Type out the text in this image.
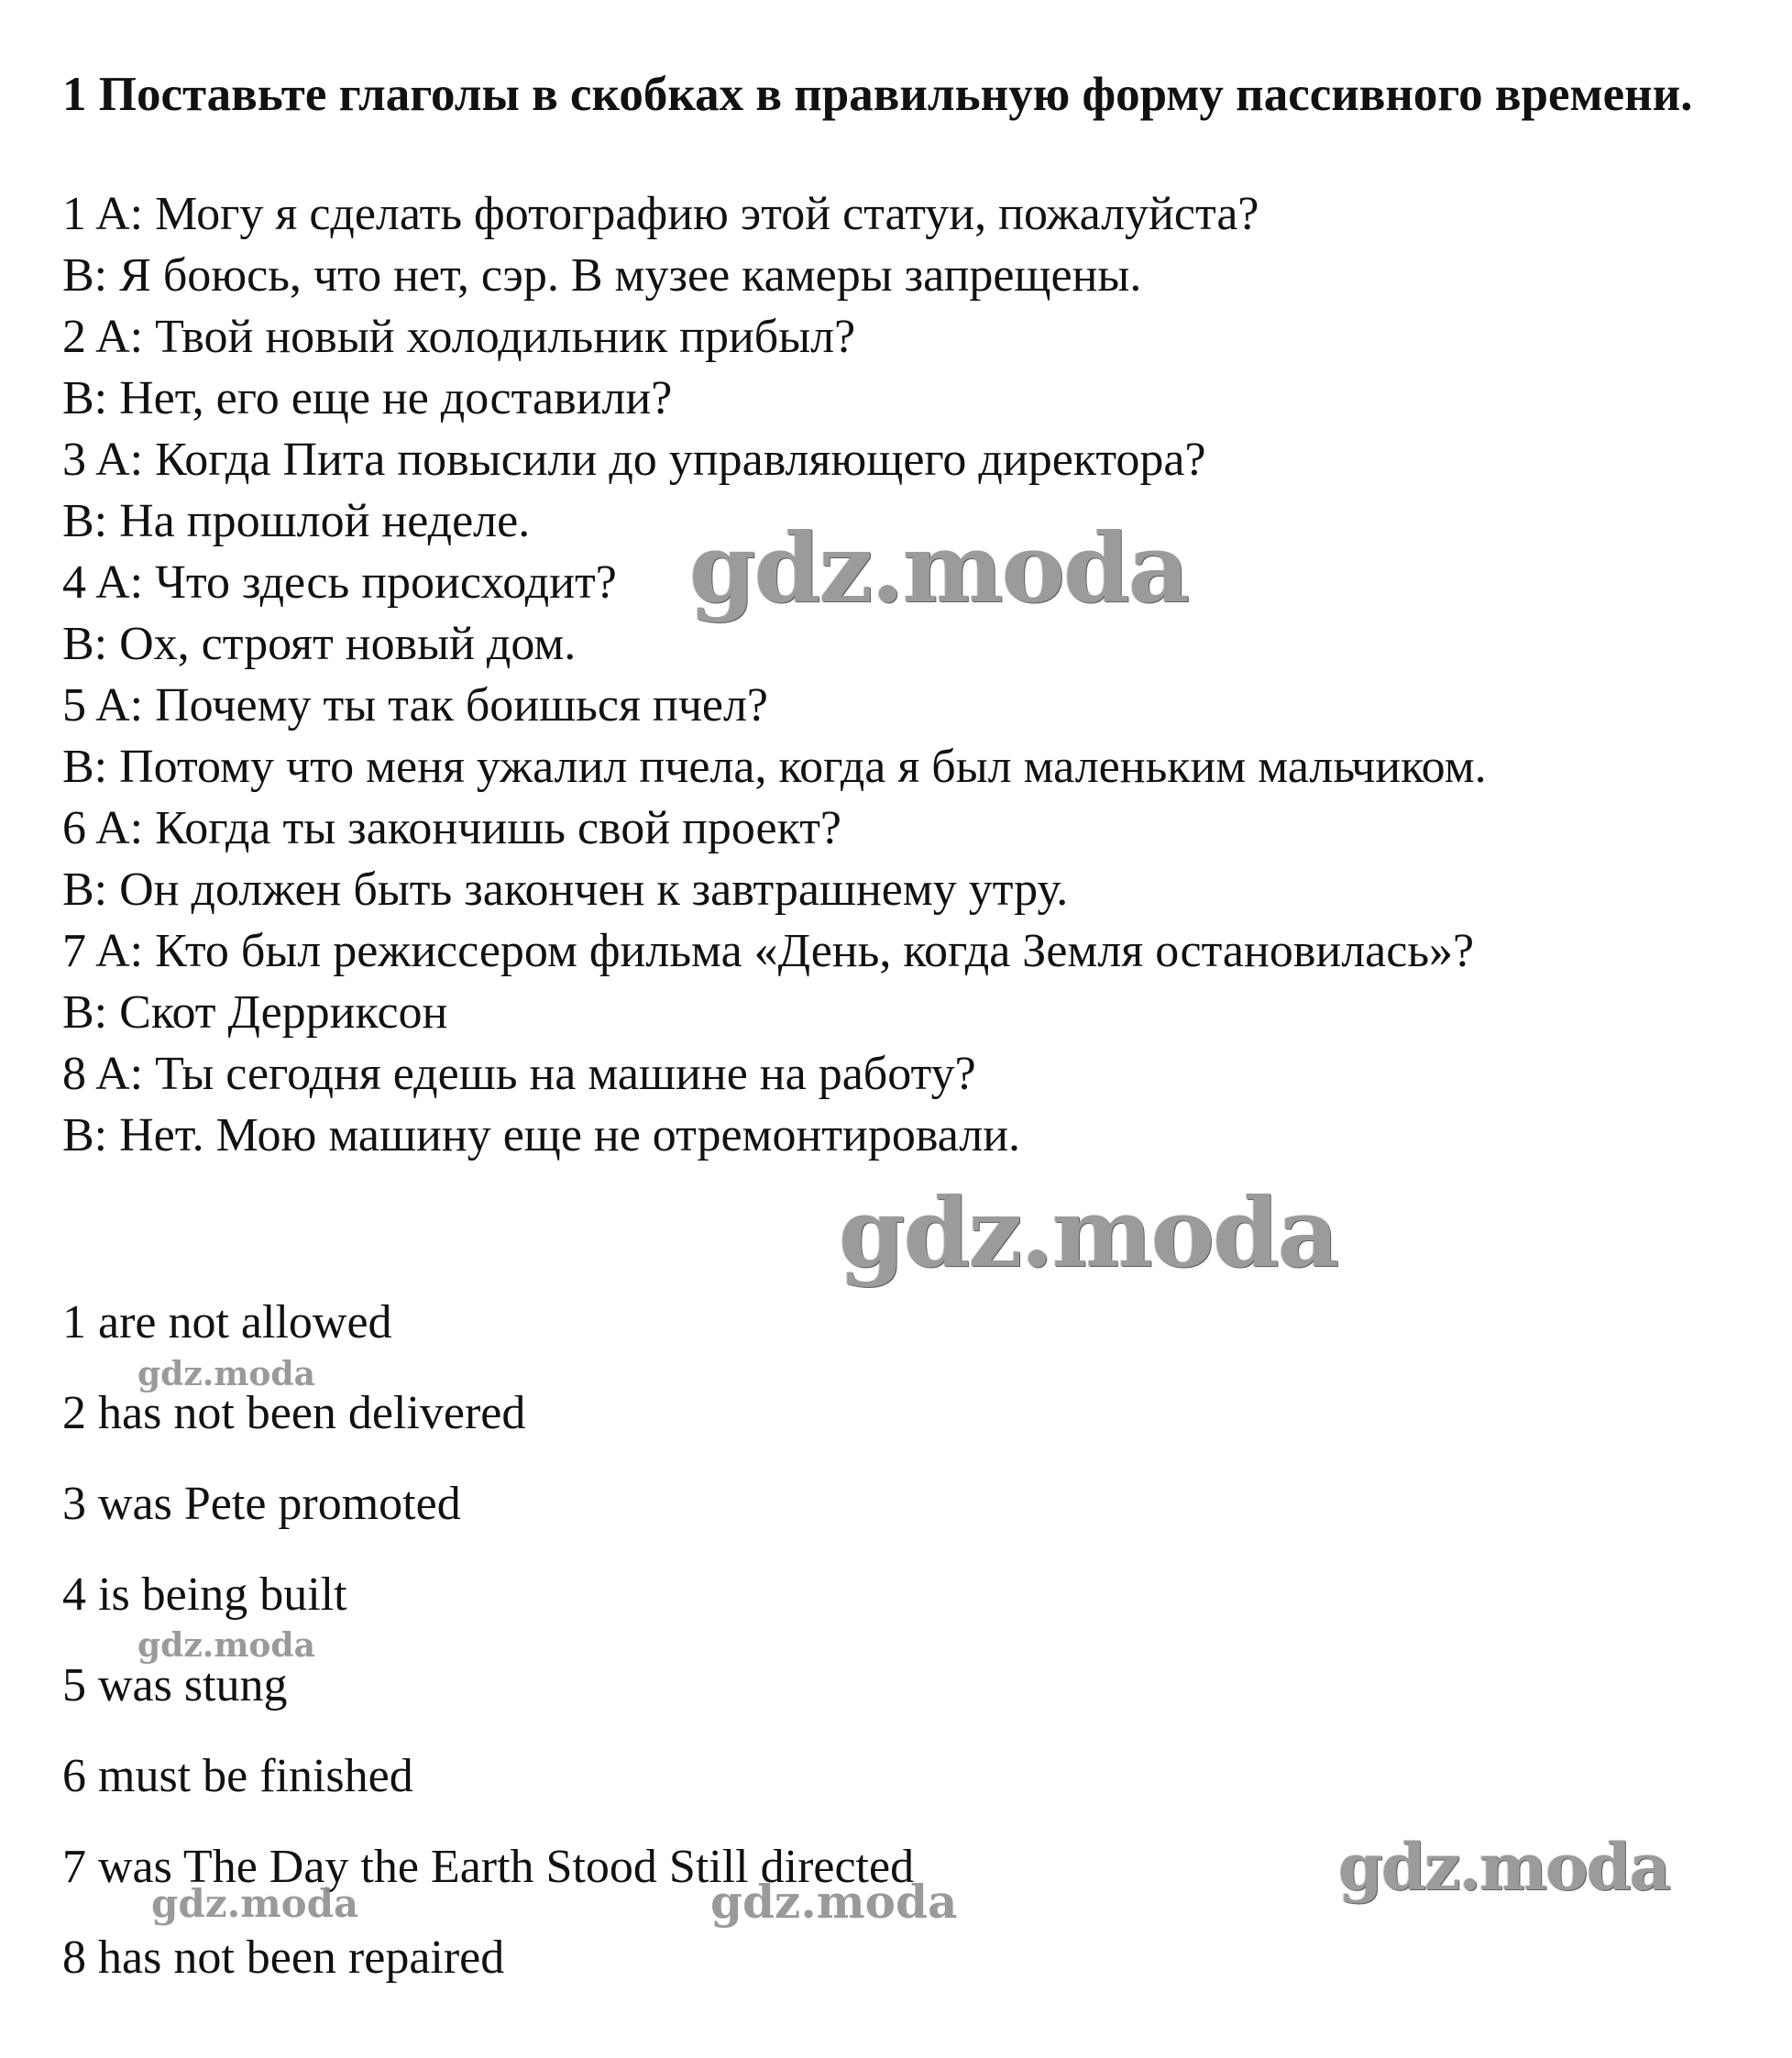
1 Поставьте глаголы в скобках в правильную форму пассивного времени.

1 A: Могу я сделать фотографию этой статуи, пожалуйста?

B: Я боюсь, что нет, сэр. В музее камеры запрещены.

2 A: Твой новый холодильник прибыл?

B: Нет, его еще не доставили?

3 A: Когда Пита повысили до управляющего директора?

B: На прошлой неделе.

4 A: Что здесь происходит?

B: Ох, строят новый дом.

5 A: Почему ты так боишься пчел?

B: Потому что меня ужалил пчела, когда я был маленьким мальчиком.

6 A: Когда ты закончишь свой проект?

B: Он должен быть закончен к завтрашнему утру.

7 A: Кто был режиссером фильма «День, когда Земля остановилась»?

B: Скот Дерриксон

8 A: Ты сегодня едешь на машине на работу?

B: Нет. Мою машину еще не отремонтировали.

1 are not allowed

2 has not been delivered

3 was Pete promoted

4 is being built

5 was stung

6 must be finished

7 was The Day the Earth Stood Still directed

8 has not been repaired

gdz.moda
gdz.moda
gdz.moda
gdz.moda
gdz.moda
gdz.moda	gdz.moda
